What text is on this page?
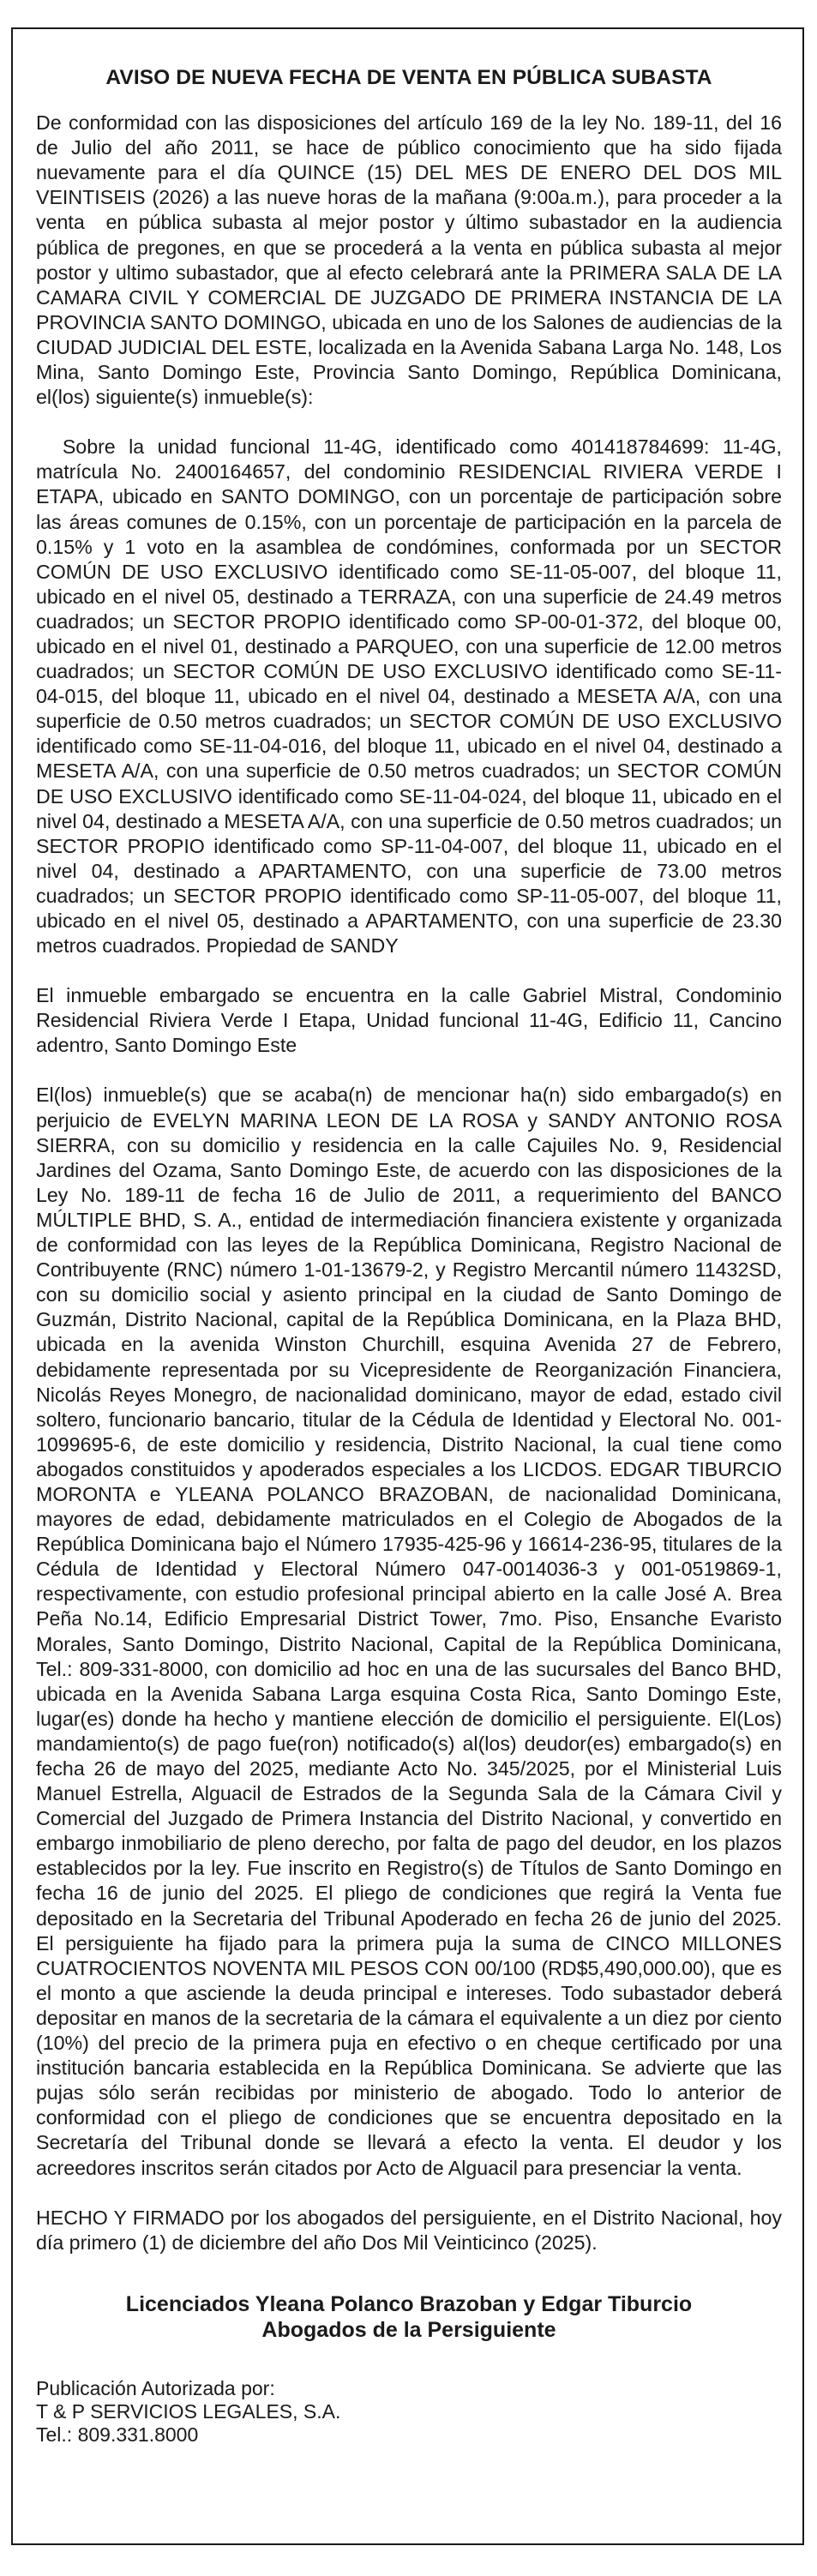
AVISO DE NUEVA FECHA DE VENTA EN PÚBLICA SUBASTA
De conformidad con las disposiciones del artículo 169 de la ley No. 189-11, del 16 de Julio del año 2011, se hace de público conocimiento que ha sido fijada nuevamente para el día QUINCE (15) DEL MES DE ENERO DEL DOS MIL VEINTISEIS (2026) a las nueve horas de la mañana (9:00a.m.), para proceder a la venta  en pública subasta al mejor postor y último subastador en la audiencia pública de pregones, en que se procederá a la venta en pública subasta al mejor postor y ultimo subastador, que al efecto celebrará ante la PRIMERA SALA DE LA CAMARA CIVIL Y COMERCIAL DE JUZGADO DE PRIMERA INSTANCIA DE LA PROVINCIA SANTO DOMINGO, ubicada en uno de los Salones de audiencias de la CIUDAD JUDICIAL DEL ESTE, localizada en la Avenida Sabana Larga No. 148, Los Mina, Santo Domingo Este, Provincia Santo Domingo, República Dominicana,  el(los) siguiente(s) inmueble(s):
Sobre la unidad funcional 11-4G, identificado como 401418784699: 11-4G, matrícula No. 2400164657, del condominio RESIDENCIAL RIVIERA VERDE I ETAPA, ubicado en SANTO DOMINGO, con un porcentaje de participación sobre las áreas comunes de 0.15%, con un porcentaje de participación en la parcela de 0.15% y 1 voto en la asamblea de condómines, conformada por un SECTOR COMÚN DE USO EXCLUSIVO identificado como SE-11-05-007, del bloque 11, ubicado en el nivel 05, destinado a TERRAZA, con una superficie de 24.49 metros cuadrados; un SECTOR PROPIO identificado como SP-00-01-372, del bloque 00, ubicado en el nivel 01, destinado a PARQUEO, con una superficie de 12.00 metros cuadrados; un SECTOR COMÚN DE USO EXCLUSIVO identificado como SE-11-04-015, del bloque 11, ubicado en el nivel 04, destinado a MESETA A/A, con una superficie de 0.50 metros cuadrados; un SECTOR COMÚN DE USO EXCLUSIVO identificado como SE-11-04-016, del bloque 11, ubicado en el nivel 04, destinado a MESETA A/A, con una superficie de 0.50 metros cuadrados; un SECTOR COMÚN DE USO EXCLUSIVO identificado como SE-11-04-024, del bloque 11, ubicado en el nivel 04, destinado a MESETA A/A, con una superficie de 0.50 metros cuadrados; un SECTOR PROPIO identificado como SP-11-04-007, del bloque 11, ubicado en el nivel 04, destinado a APARTAMENTO, con una superficie de 73.00 metros cuadrados; un SECTOR PROPIO identificado como SP-11-05-007, del bloque 11, ubicado en el nivel 05, destinado a APARTAMENTO, con una superficie de 23.30 metros cuadrados. Propiedad de SANDY
El inmueble embargado se encuentra en la calle Gabriel Mistral, Condominio Residencial Riviera Verde I Etapa, Unidad funcional 11-4G, Edificio 11, Cancino adentro, Santo Domingo Este
El(los) inmueble(s) que se acaba(n) de mencionar ha(n) sido embargado(s) en perjuicio de EVELYN MARINA LEON DE LA ROSA y SANDY ANTONIO ROSA SIERRA, con su domicilio y residencia en la calle Cajuiles No. 9, Residencial Jardines del Ozama, Santo Domingo Este, de acuerdo con las disposiciones de la Ley No. 189-11 de fecha 16 de Julio de 2011, a requerimiento del BANCO MÚLTIPLE BHD, S. A., entidad de intermediación financiera existente y organizada de conformidad con las leyes de la República Dominicana, Registro Nacional de Contribuyente (RNC) número 1-01-13679-2, y Registro Mercantil número 11432SD, con su domicilio social y asiento principal en la ciudad de Santo Domingo de Guzmán, Distrito Nacional, capital de la República Dominicana, en la Plaza BHD, ubicada en la avenida Winston Churchill, esquina Avenida 27 de Febrero, debidamente representada por su Vicepresidente de Reorganización Financiera, Nicolás Reyes Monegro, de nacionalidad dominicano, mayor de edad, estado civil soltero, funcionario bancario, titular de la Cédula de Identidad y Electoral No. 001-1099695-6, de este domicilio y residencia, Distrito Nacional, la cual tiene como abogados constituidos y apoderados especiales a los LICDOS. EDGAR TIBURCIO MORONTA e YLEANA POLANCO BRAZOBAN, de nacionalidad Dominicana, mayores de edad, debidamente matriculados en el Colegio de Abogados de la República Dominicana bajo el Número 17935-425-96 y 16614-236-95, titulares de la Cédula de Identidad y Electoral Número 047-0014036-3 y 001-0519869-1, respectivamente, con estudio profesional principal abierto en la calle José A. Brea Peña No.14, Edificio Empresarial District Tower, 7mo. Piso, Ensanche Evaristo Morales, Santo Domingo, Distrito Nacional, Capital de la República Dominicana, Tel.: 809-331-8000, con domicilio ad hoc en una de las sucursales del Banco BHD, ubicada en la Avenida Sabana Larga esquina Costa Rica, Santo Domingo Este, lugar(es) donde ha hecho y mantiene elección de domicilio el persiguiente. El(Los) mandamiento(s) de pago fue(ron) notificado(s) al(los) deudor(es) embargado(s) en fecha 26 de mayo del 2025, mediante Acto No. 345/2025, por el Ministerial Luis Manuel Estrella, Alguacil de Estrados de la Segunda Sala de la Cámara Civil y Comercial del Juzgado de Primera Instancia del Distrito Nacional, y convertido en embargo inmobiliario de pleno derecho, por falta de pago del deudor, en los plazos establecidos por la ley. Fue inscrito en Registro(s) de Títulos de Santo Domingo en fecha 16 de junio del 2025. El pliego de condiciones que regirá la Venta fue depositado en la Secretaria del Tribunal Apoderado en fecha 26 de junio del 2025. El persiguiente ha fijado para la primera puja la suma de CINCO MILLONES CUATROCIENTOS NOVENTA MIL PESOS CON 00/100 (RD$5,490,000.00), que es el monto a que asciende la deuda principal e intereses. Todo subastador deberá depositar en manos de la secretaria de la cámara el equivalente a un diez por ciento (10%) del precio de la primera puja en efectivo o en cheque certificado por una institución bancaria establecida en la República Dominicana. Se advierte que las pujas sólo serán recibidas por ministerio de abogado. Todo lo anterior de conformidad con el pliego de condiciones que se encuentra depositado en la Secretaría del Tribunal donde se llevará a efecto la venta. El deudor y los acreedores inscritos serán citados por Acto de Alguacil para presenciar la venta.
HECHO Y FIRMADO por los abogados del persiguiente, en el Distrito Nacional, hoy día primero (1) de diciembre del año Dos Mil Veinticinco (2025).
Licenciados Yleana Polanco Brazoban y Edgar Tiburcio
Abogados de la Persiguiente
Publicación Autorizada por:
T & P SERVICIOS LEGALES, S.A.
Tel.: 809.331.8000
